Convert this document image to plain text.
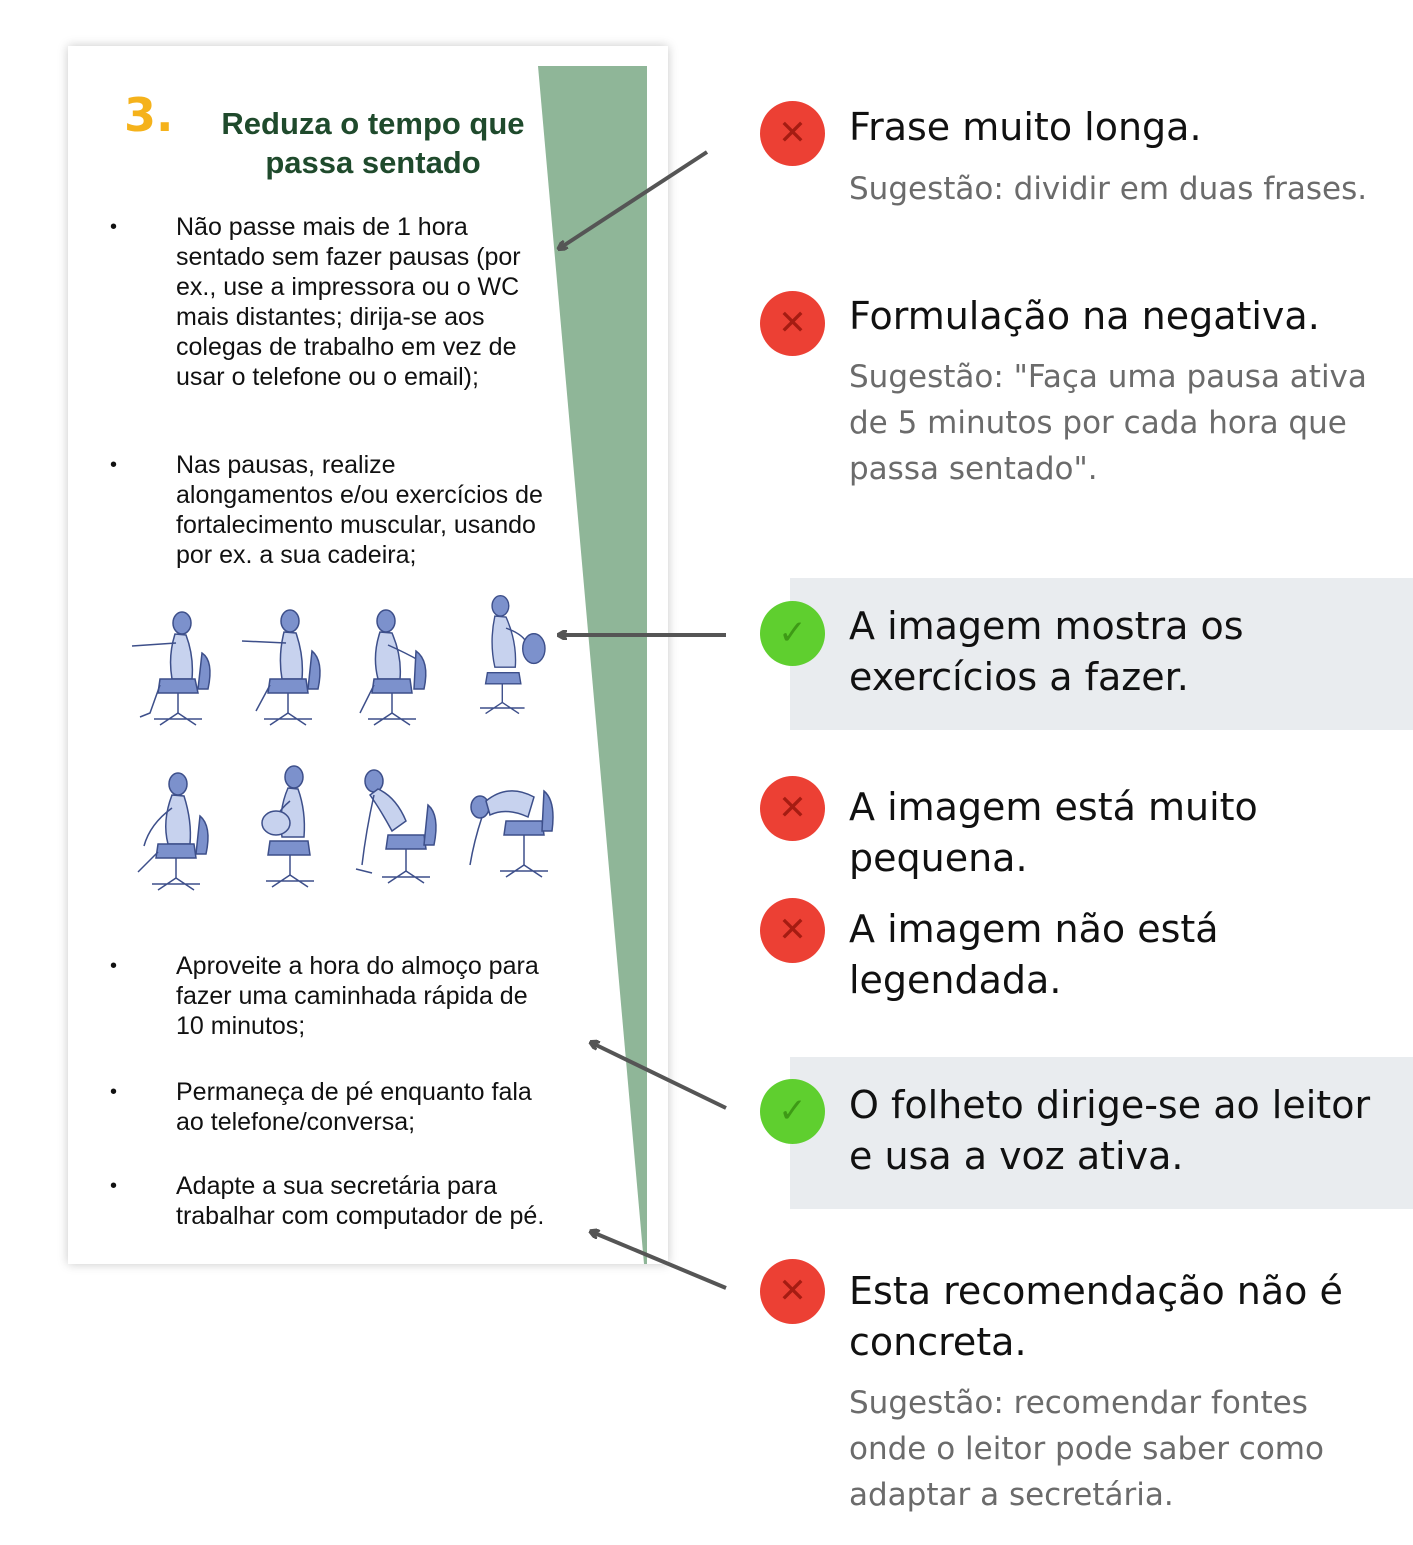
3.	Reduza o tempo que passa sentado
• Não passe mais de 1 hora sentado sem fazer pausas (por ex., use a impressora ou o WC mais distantes; dirija-se aos colegas de trabalho em vez de usar o telefone ou o email);
• Nas pausas, realize alongamentos e/ou exercícios de fortalecimento muscular, usando por ex. a sua cadeira;
• Aproveite a hora do almoço para fazer uma caminhada rápida de 10 minutos;
• Permaneça de pé enquanto fala ao telefone/conversa;
• Adapte a sua secretária para trabalhar com computador de pé.
✕	Frase muito longa.
Sugestão: dividir em duas frases.
✕	Formulação na negativa.
Sugestão: "Faça uma pausa ativa de 5 minutos por cada hora que passa sentado".
✓	A imagem mostra os exercícios a fazer.
✕	A imagem está muito pequena.
✕	A imagem não está legendada.
✓	O folheto dirige-se ao leitor e usa a voz ativa.
✕	Esta recomendação não é concreta.
Sugestão: recomendar fontes onde o leitor pode saber como adaptar a secretária.
